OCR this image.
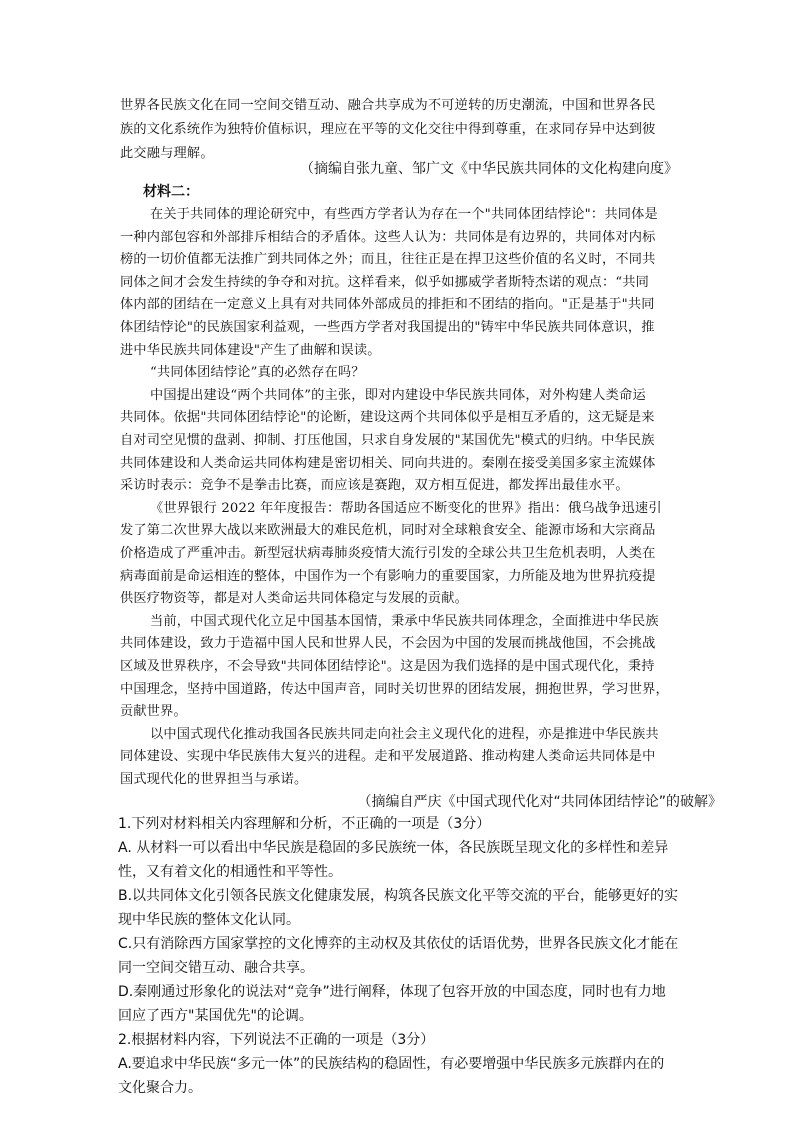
世界各民族文化在同一空间交错互动、融合共享成为不可逆转的历史潮流，中国和世界各民
族的文化系统作为独特价值标识，理应在平等的文化交往中得到尊重，在求同存异中达到彼
此交融与理解。
（摘编自张九童、邹广文《中华民族共同体的文化构建向度》
材料二：
在关于共同体的理论研究中，有些西方学者认为存在一个"共同体团结悖论"：共同体是
一种内部包容和外部排斥相结合的矛盾体。这些人认为：共同体是有边界的，共同体对内标
榜的一切价值都无法推广到共同体之外；而且，往往正是在捍卫这些价值的名义时，不同共
同体之间才会发生持续的争夺和对抗。这样看来，似乎如挪威学者斯特杰诺的观点：“共同
体内部的团结在一定意义上具有对共同体外部成员的排拒和不团结的指向。"正是基于"共同
体团结悖论"的民族国家利益观，一些西方学者对我国提出的"铸牢中华民族共同体意识，推
进中华民族共同体建设"产生了曲解和误读。
“共同体团结悖论”真的必然存在吗？
中国提出建设“两个共同体”的主张，即对内建设中华民族共同体，对外构建人类命运
共同体。依据"共同体团结悖论"的论断，建设这两个共同体似乎是相互矛盾的，这无疑是来
自对司空见惯的盘剥、抑制、打压他国，只求自身发展的"某国优先"模式的归纳。中华民族
共同体建设和人类命运共同体构建是密切相关、同向共进的。秦刚在接受美国多家主流媒体
采访时表示：竞争不是拳击比赛，而应该是赛跑，双方相互促进，都发挥出最佳水平。
《世界银行 2022 年年度报告：帮助各国适应不断变化的世界》指出：俄乌战争迅速引
发了第二次世界大战以来欧洲最大的难民危机，同时对全球粮食安全、能源市场和大宗商品
价格造成了严重冲击。新型冠状病毒肺炎疫情大流行引发的全球公共卫生危机表明，人类在
病毒面前是命运相连的整体，中国作为一个有影响力的重要国家，力所能及地为世界抗疫提
供医疗物资等，都是对人类命运共同体稳定与发展的贡献。
当前，中国式现代化立足中国基本国情，秉承中华民族共同体理念，全面推进中华民族
共同体建设，致力于造福中国人民和世界人民，不会因为中国的发展而挑战他国，不会挑战
区域及世界秩序，不会导致"共同体团结悖论"。这是因为我们选择的是中国式现代化，秉持
中国理念，坚持中国道路，传达中国声音，同时关切世界的团结发展，拥抱世界，学习世界，
贡献世界。
以中国式现代化推动我国各民族共同走向社会主义现代化的进程，亦是推进中华民族共
同体建设、实现中华民族伟大复兴的进程。走和平发展道路、推动构建人类命运共同体是中
国式现代化的世界担当与承诺。
（摘编自严庆《中国式现代化对“共同体团结悖论”的破解》
1.下列对材料相关内容理解和分析，不正确的一项是（3分）
A. 从材料一可以看出中华民族是稳固的多民族统一体，各民族既呈现文化的多样性和差异
性，又有着文化的相通性和平等性。
B.以共同体文化引领各民族文化健康发展，构筑各民族文化平等交流的平台，能够更好的实
现中华民族的整体文化认同。
C.只有消除西方国家掌控的文化博弈的主动权及其依仗的话语优势，世界各民族文化才能在
同一空间交错互动、融合共享。
D.秦刚通过形象化的说法对“竞争”进行阐释，体现了包容开放的中国态度，同时也有力地
回应了西方"某国优先"的论调。
2.根据材料内容，下列说法不正确的一项是（3分）
A.要追求中华民族“多元一体”的民族结构的稳固性，有必要增强中华民族多元族群内在的
文化聚合力。
